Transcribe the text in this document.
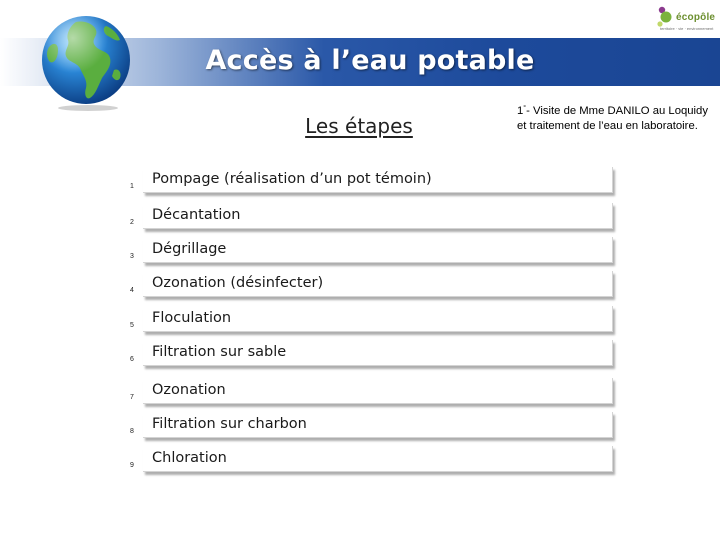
Accès à l’eau potable
écopôle
territoire · vie · environnement
Les étapes
1°- Visite de Mme DANILO au Loquidy et traitement de l’eau en laboratoire.
1 Pompage (réalisation d’un pot témoin)
2 Décantation
3 Dégrillage
4 Ozonation (désinfecter)
5 Floculation
6 Filtration sur sable
7 Ozonation
8 Filtration sur charbon
9 Chloration
